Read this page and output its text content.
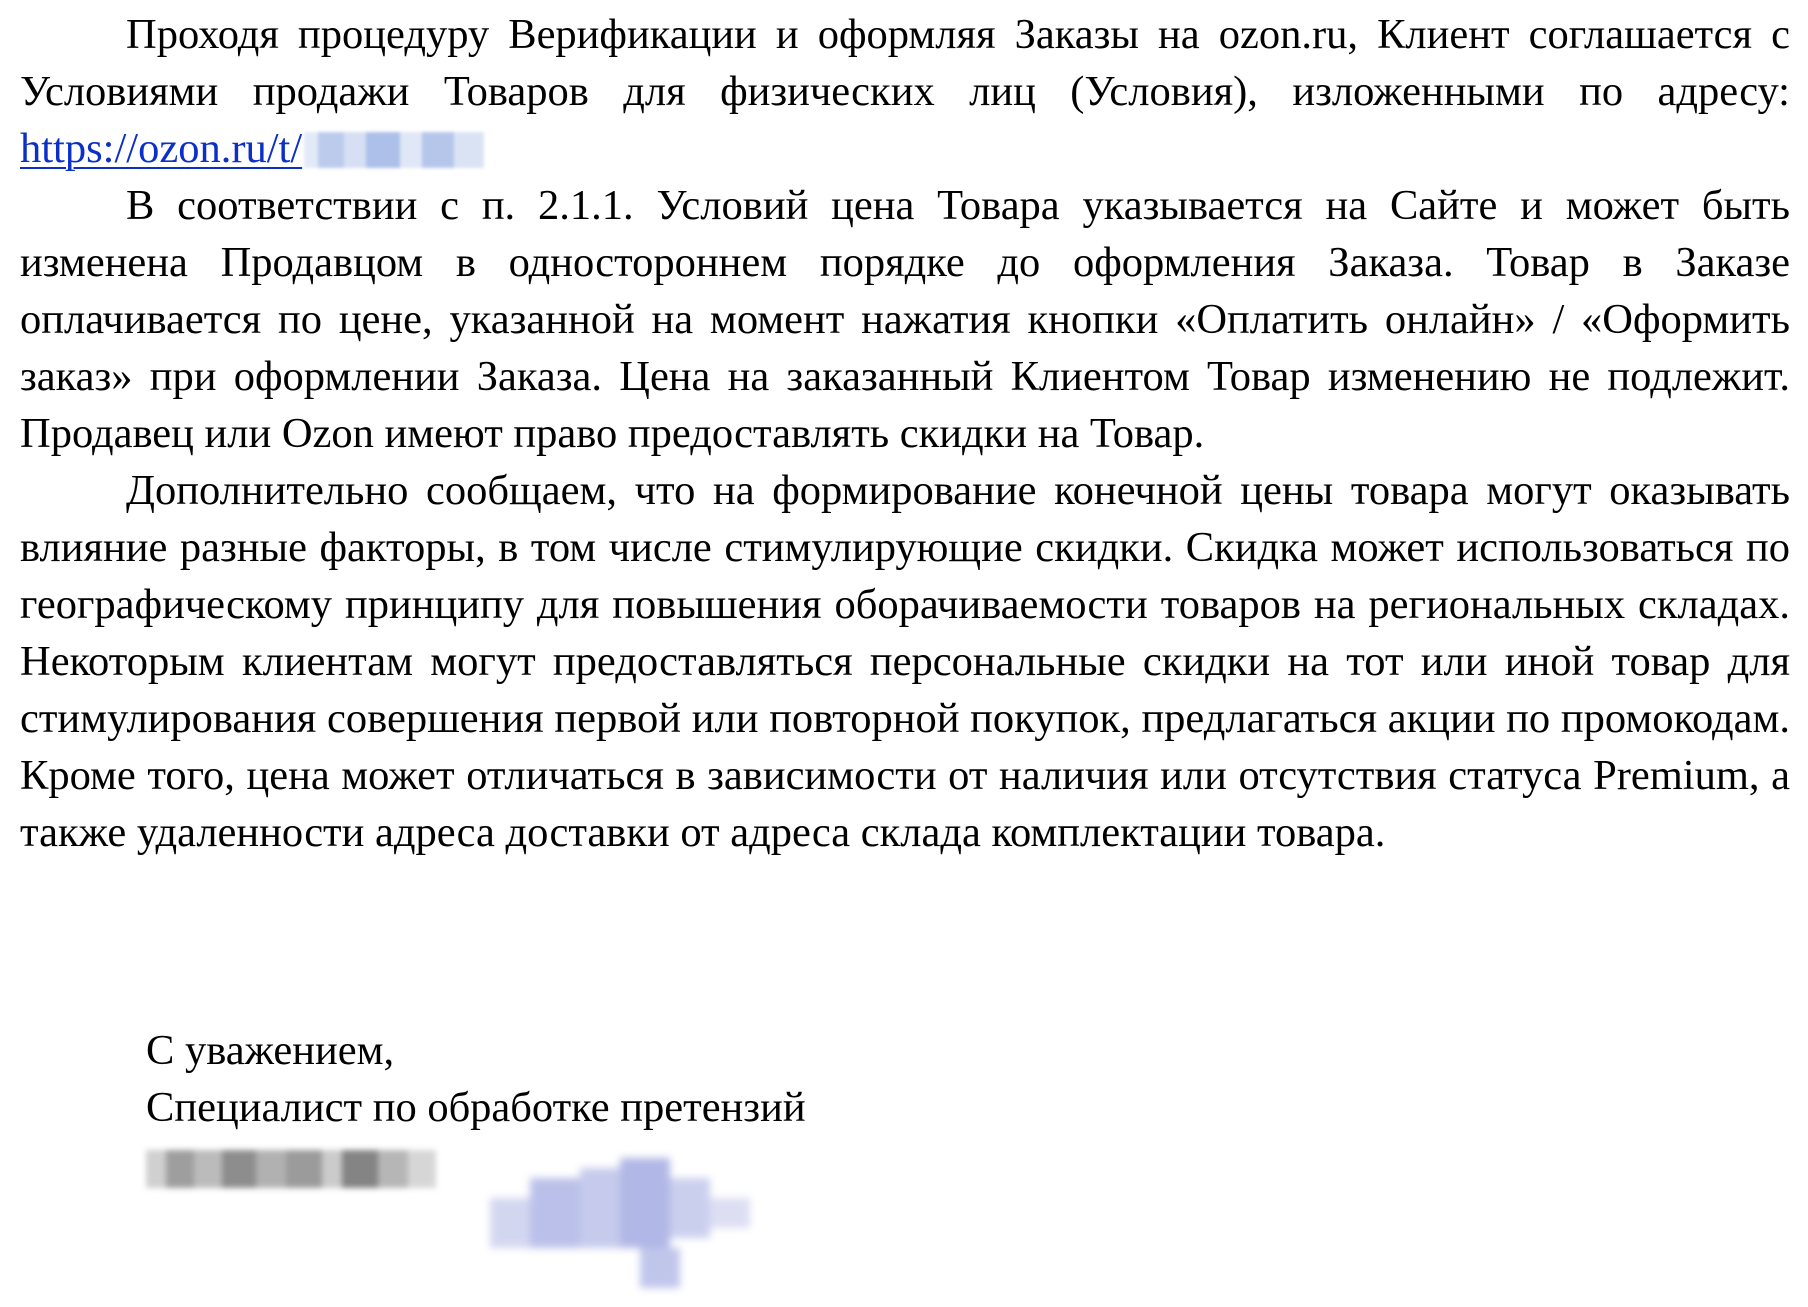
Проходя процедуру Верификации и оформляя Заказы на ozon.ru, Клиент соглашается с Условиями продажи Товаров для физических лиц (Условия), изложенными по адресу: https://ozon.ru/t/

В соответствии с п. 2.1.1. Условий цена Товара указывается на Сайте и может быть изменена Продавцом в одностороннем порядке до оформления Заказа. Товар в Заказе оплачивается по цене, указанной на момент нажатия кнопки «Оплатить онлайн» / «Оформить заказ» при оформлении Заказа. Цена на заказанный Клиентом Товар изменению не подлежит. Продавец или Ozon имеют право предоставлять скидки на Товар.

Дополнительно сообщаем, что на формирование конечной цены товара могут оказывать влияние разные факторы, в том числе стимулирующие скидки. Скидка может использоваться по географическому принципу для повышения оборачиваемости товаров на региональных складах. Некоторым клиентам могут предоставляться персональные скидки на тот или иной товар для стимулирования совершения первой или повторной покупок, предлагаться акции по промокодам. Кроме того, цена может отличаться в зависимости от наличия или отсутствия статуса Premium, а также удаленности адреса доставки от адреса склада комплектации товара.

С уважением,
Специалист по обработке претензий
